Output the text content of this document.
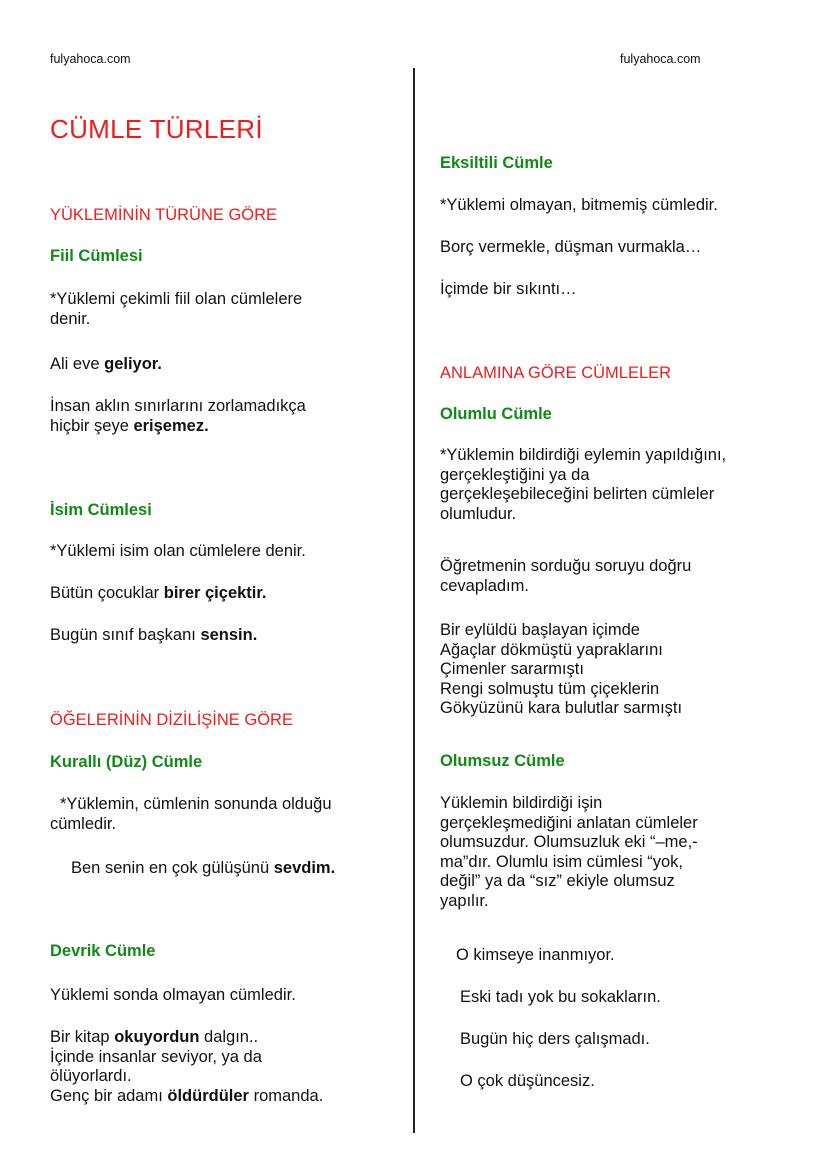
fulyahoca.com	fulyahoca.com
CÜMLE TÜRLERİ
YÜKLEMİNİN TÜRÜNE GÖRE
Fiil Cümlesi
*Yüklemi çekimli fiil olan cümlelere
denir.
Ali eve geliyor.
İnsan aklın sınırlarını zorlamadıkça
hiçbir şeye erişemez.
İsim Cümlesi
*Yüklemi isim olan cümlelere denir.
Bütün çocuklar birer çiçektir.
Bugün sınıf başkanı sensin.
ÖĞELERİNİN DİZİLİŞİNE GÖRE
Kurallı (Düz) Cümle
*Yüklemin, cümlenin sonunda olduğu
cümledir.
Ben senin en çok gülüşünü sevdim.
Devrik Cümle
Yüklemi sonda olmayan cümledir.
Bir kitap okuyordun dalgın..
İçinde insanlar seviyor, ya da
ölüyorlardı.
Genç bir adamı öldürdüler romanda.
Eksiltili Cümle
*Yüklemi olmayan, bitmemiş cümledir.
Borç vermekle, düşman vurmakla…
İçimde bir sıkıntı…
ANLAMINA GÖRE CÜMLELER
Olumlu Cümle
*Yüklemin bildirdiği eylemin yapıldığını,
gerçekleştiğini ya da
gerçekleşebileceğini belirten cümleler
olumludur.
Öğretmenin sorduğu soruyu doğru
cevapladım.
Bir eylüldü başlayan içimde
Ağaçlar dökmüştü yapraklarını
Çimenler sararmıştı
Rengi solmuştu tüm çiçeklerin
Gökyüzünü kara bulutlar sarmıştı
Olumsuz Cümle
Yüklemin bildirdiği işin
gerçekleşmediğini anlatan cümleler
olumsuzdur. Olumsuzluk eki “–me,-
ma”dır. Olumlu isim cümlesi “yok,
değil” ya da “sız” ekiyle olumsuz
yapılır.
O kimseye inanmıyor.
Eski tadı yok bu sokakların.
Bugün hiç ders çalışmadı.
O çok düşüncesiz.
